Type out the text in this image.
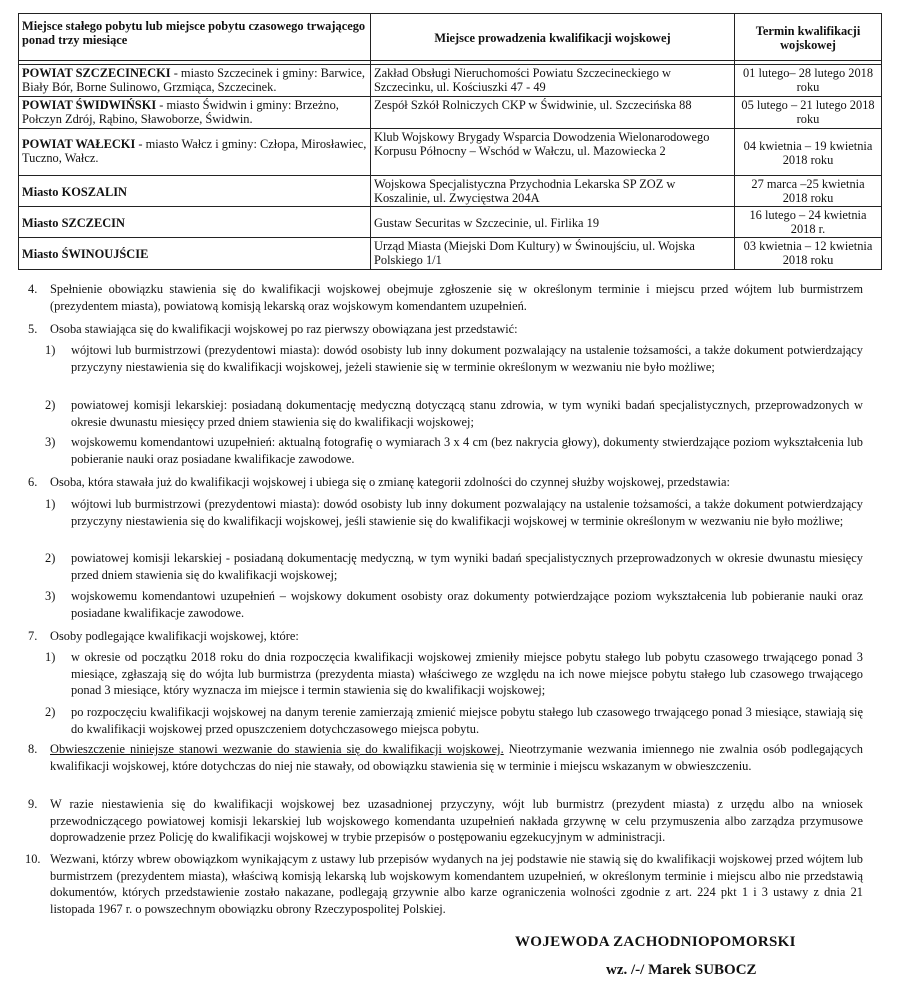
Miejsce stałego pobytu lub miejsce pobytu czasowego trwającego ponad trzy miesiące	Miejsce prowadzenia kwalifikacji wojskowej	Termin kwalifikacji wojskowej

POWIAT SZCZECINECKI - miasto Szczecinek i gminy: Barwice, Biały Bór, Borne Sulinowo, Grzmiąca, Szczecinek.	Zakład Obsługi Nieruchomości Powiatu Szczecineckiego w Szczecinku, ul. Kościuszki 47 - 49	01 lutego– 28 lutego 2018 roku
POWIAT ŚWIDWIŃSKI - miasto Świdwin i gminy: Brzeżno, Połczyn Zdrój, Rąbino, Sławoborze, Świdwin.	Zespół Szkół Rolniczych CKP w Świdwinie, ul. Szczecińska 88	05 lutego – 21 lutego 2018 roku
POWIAT WAŁECKI - miasto Wałcz i gminy: Człopa, Mirosławiec, Tuczno, Wałcz.	Klub Wojskowy Brygady Wsparcia Dowodzenia Wielonarodowego Korpusu Północny – Wschód w Wałczu, ul. Mazowiecka 2	04 kwietnia – 19 kwietnia 2018 roku
Miasto KOSZALIN	Wojskowa Specjalistyczna Przychodnia Lekarska SP ZOZ w Koszalinie, ul. Zwycięstwa 204A	27 marca –25 kwietnia 2018 roku
Miasto SZCZECIN	Gustaw Securitas w Szczecinie, ul. Firlika 19	16 lutego – 24 kwietnia 2018 r.
Miasto ŚWINOUJŚCIE	Urząd Miasta (Miejski Dom Kultury) w Świnoujściu, ul. Wojska Polskiego 1/1	03 kwietnia – 12 kwietnia 2018 roku
4. Spełnienie obowiązku stawienia się do kwalifikacji wojskowej obejmuje zgłoszenie się w określonym terminie i miejscu przed wójtem lub burmistrzem (prezydentem miasta), powiatową komisją lekarską oraz wojskowym komendantem uzupełnień.
5. Osoba stawiająca się do kwalifikacji wojskowej po raz pierwszy obowiązana jest przedstawić:
1) wójtowi lub burmistrzowi (prezydentowi miasta): dowód osobisty lub inny dokument pozwalający na ustalenie tożsamości, a także dokument potwierdzający przyczyny niestawienia się do kwalifikacji wojskowej, jeżeli stawienie się w terminie określonym w wezwaniu nie było możliwe;
2) powiatowej komisji lekarskiej: posiadaną dokumentację medyczną dotyczącą stanu zdrowia, w tym wyniki badań specjalistycznych, przeprowadzonych w okresie dwunastu miesięcy przed dniem stawienia się do kwalifikacji wojskowej;
3) wojskowemu komendantowi uzupełnień: aktualną fotografię o wymiarach 3 x 4 cm (bez nakrycia głowy), dokumenty stwierdzające poziom wykształcenia lub pobieranie nauki oraz posiadane kwalifikacje zawodowe.
6. Osoba, która stawała już do kwalifikacji wojskowej i ubiega się o zmianę kategorii zdolności do czynnej służby wojskowej, przedstawia:
1) wójtowi lub burmistrzowi (prezydentowi miasta): dowód osobisty lub inny dokument pozwalający na ustalenie tożsamości, a także dokument potwierdzający przyczyny niestawienia się do kwalifikacji wojskowej, jeśli stawienie się do kwalifikacji wojskowej w terminie określonym w wezwaniu nie było możliwe;
2) powiatowej komisji lekarskiej - posiadaną dokumentację medyczną, w tym wyniki badań specjalistycznych przeprowadzonych w okresie dwunastu miesięcy przed dniem stawienia się do kwalifikacji wojskowej;
3) wojskowemu komendantowi uzupełnień – wojskowy dokument osobisty oraz dokumenty potwierdzające poziom wykształcenia lub pobieranie nauki oraz posiadane kwalifikacje zawodowe.
7. Osoby podlegające kwalifikacji wojskowej, które:
1) w okresie od początku 2018 roku do dnia rozpoczęcia kwalifikacji wojskowej zmieniły miejsce pobytu stałego lub pobytu czasowego trwającego ponad 3 miesiące, zgłaszają się do wójta lub burmistrza (prezydenta miasta) właściwego ze względu na ich nowe miejsce pobytu stałego lub czasowego trwającego ponad 3 miesiące, który wyznacza im miejsce i termin stawienia się do kwalifikacji wojskowej;
2) po rozpoczęciu kwalifikacji wojskowej na danym terenie zamierzają zmienić miejsce pobytu stałego lub czasowego trwającego ponad 3 miesiące, stawiają się do kwalifikacji wojskowej przed opuszczeniem dotychczasowego miejsca pobytu.
8. Obwieszczenie niniejsze stanowi wezwanie do stawienia się do kwalifikacji wojskowej. Nieotrzymanie wezwania imiennego nie zwalnia osób podlegających kwalifikacji wojskowej, które dotychczas do niej nie stawały, od obowiązku stawienia się w terminie i miejscu wskazanym w obwieszczeniu.
9. W razie niestawienia się do kwalifikacji wojskowej bez uzasadnionej przyczyny, wójt lub burmistrz (prezydent miasta) z urzędu albo na wniosek przewodniczącego powiatowej komisji lekarskiej lub wojskowego komendanta uzupełnień nakłada grzywnę w celu przymuszenia albo zarządza przymusowe doprowadzenie przez Policję do kwalifikacji wojskowej w trybie przepisów o postępowaniu egzekucyjnym w administracji.
10. Wezwani, którzy wbrew obowiązkom wynikającym z ustawy lub przepisów wydanych na jej podstawie nie stawią się do kwalifikacji wojskowej przed wójtem lub burmistrzem (prezydentem miasta), właściwą komisją lekarską lub wojskowym komendantem uzupełnień, w określonym terminie i miejscu albo nie przedstawią dokumentów, których przedstawienie zostało nakazane, podlegają grzywnie albo karze ograniczenia wolności zgodnie z art. 224 pkt 1 i 3 ustawy z dnia 21 listopada 1967 r. o powszechnym obowiązku obrony Rzeczypospolitej Polskiej.
WOJEWODA ZACHODNIOPOMORSKI
wz. /-/ Marek SUBOCZ
